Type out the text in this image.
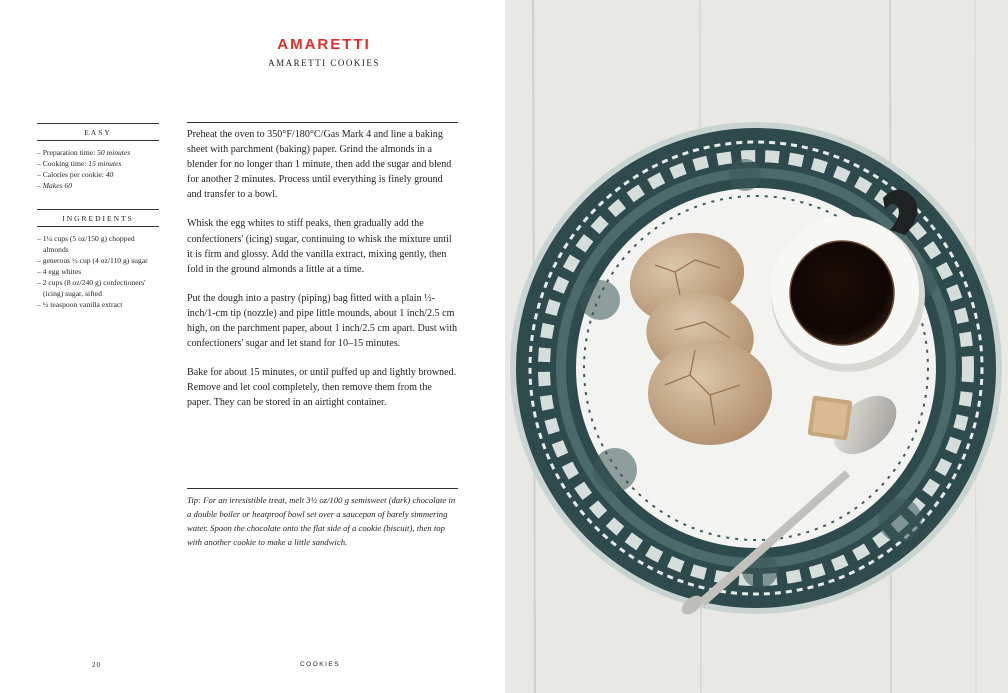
AMARETTI
AMARETTI COOKIES
EASY
– Preparation time: 50 minutes
– Cooking time: 15 minutes
– Calories per cookie: 40
– Makes 60
INGREDIENTS
– 1¼ cups (5 oz/150 g) chopped almonds
– generous ½ cup (4 oz/110 g) sugar
– 4 egg whites
– 2 cups (8 oz/240 g) confectioners' (icing) sugar, sifted
– ½ teaspoon vanilla extract

Preheat the oven to 350°F/180°C/Gas Mark 4 and line a baking sheet with parchment (baking) paper. Grind the almonds in a blender for no longer than 1 minute, then add the sugar and blend for another 2 minutes. Process until everything is finely ground and transfer to a bowl.

Whisk the egg whites to stiff peaks, then gradually add the confectioners' (icing) sugar, continuing to whisk the mixture until it is firm and glossy. Add the vanilla extract, mixing gently, then fold in the ground almonds a little at a time.

Put the dough into a pastry (piping) bag fitted with a plain ½-inch/1-cm tip (nozzle) and pipe little mounds, about 1 inch/2.5 cm high, on the parchment paper, about 1 inch/2.5 cm apart. Dust with confectioners' sugar and let stand for 10–15 minutes.

Bake for about 15 minutes, or until puffed up and lightly browned. Remove and let cool completely, then remove them from the paper. They can be stored in an airtight container.

Tip: For an irresistible treat, melt 3½ oz/100 g semisweet (dark) chocolate in a double boiler or heatproof bowl set over a saucepan of barely simmering water. Spoon the chocolate onto the flat side of a cookie (biscuit), then top with another cookie to make a little sandwich.

20	COOKIES
